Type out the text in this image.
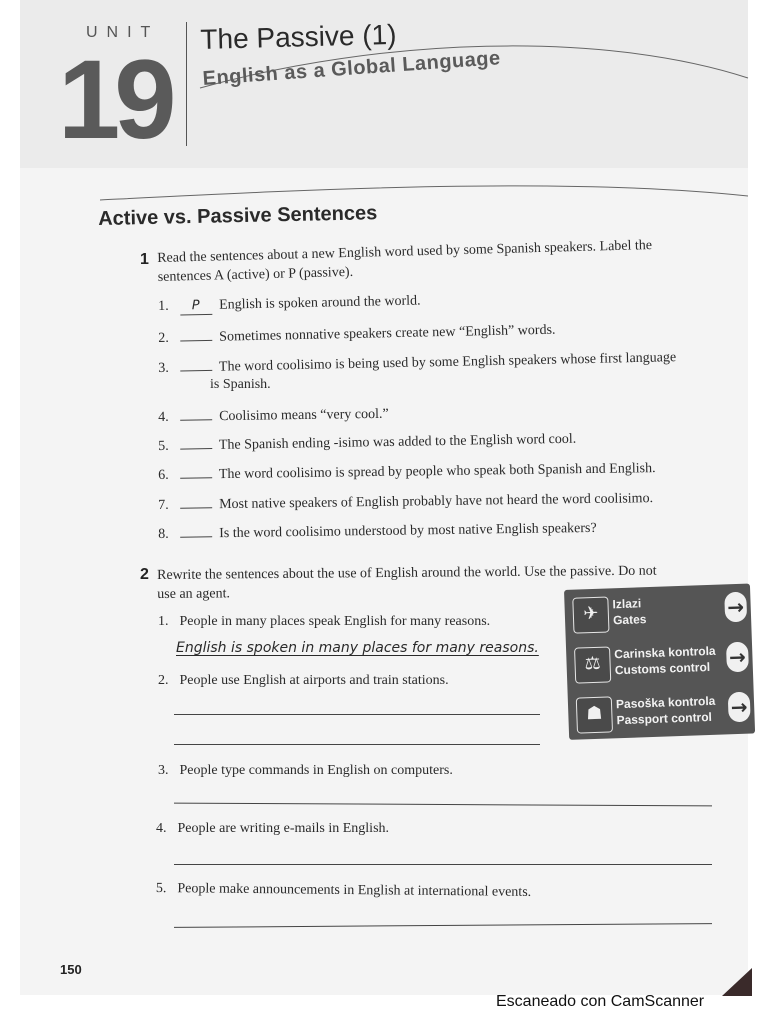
UNIT
19
The Passive (1)
English as a Global Language
Active vs. Passive Sentences
1 Read the sentences about a new English word used by some Spanish speakers. Label the
sentences A (active) or P (passive).
1. P English is spoken around the world.
2.	Sometimes nonnative speakers create new “English” words.
3.	The word coolisimo is being used by some English speakers whose first language
is Spanish.
4.	Coolisimo means “very cool.”
5.	The Spanish ending -isimo was added to the English word cool.
6.	The word coolisimo is spread by people who speak both Spanish and English.
7.	Most native speakers of English probably have not heard the word coolisimo.
8.	Is the word coolisimo understood by most native English speakers?
2 Rewrite the sentences about the use of English around the world. Use the passive. Do not
use an agent.
1. People in many places speak English for many reasons.
English is spoken in many places for many reasons.
2. People use English at airports and train stations.
3. People type commands in English on computers.
4. People are writing e-mails in English.
5. People make announcements in English at international events.
✈	Izlazi
Gates
→
⚖
Carinska kontrola
Customs control →
☗
Pasoška kontrola
Passport control →
150
Escaneado con CamScanner
